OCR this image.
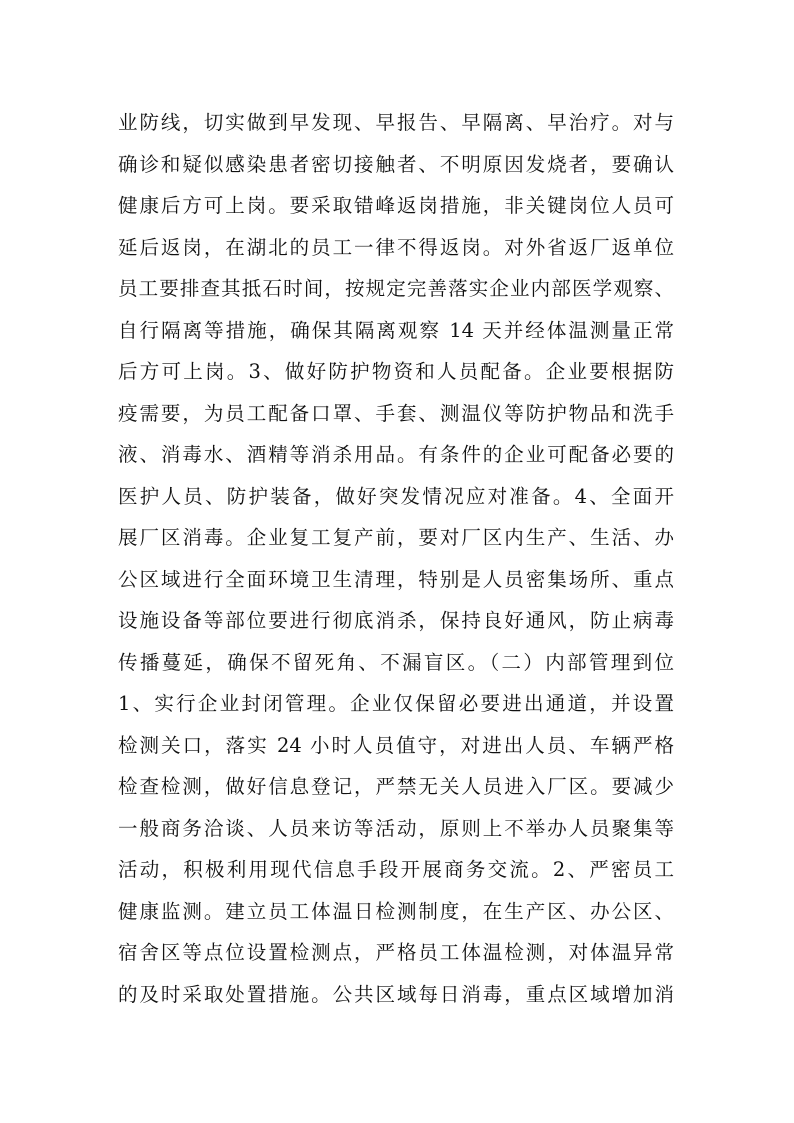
业防线，切实做到早发现、早报告、早隔离、早治疗。对与
确诊和疑似感染患者密切接触者、不明原因发烧者，要确认
健康后方可上岗。要采取错峰返岗措施，非关键岗位人员可
延后返岗，在湖北的员工一律不得返岗。对外省返厂返单位
员工要排查其抵石时间，按规定完善落实企业内部医学观察、
自行隔离等措施，确保其隔离观察 14 天并经体温测量正常
后方可上岗。3、做好防护物资和人员配备。企业要根据防
疫需要，为员工配备口罩、手套、测温仪等防护物品和洗手
液、消毒水、酒精等消杀用品。有条件的企业可配备必要的
医护人员、防护装备，做好突发情况应对准备。4、全面开
展厂区消毒。企业复工复产前，要对厂区内生产、生活、办
公区域进行全面环境卫生清理，特别是人员密集场所、重点
设施设备等部位要进行彻底消杀，保持良好通风，防止病毒
传播蔓延，确保不留死角、不漏盲区。（二）内部管理到位
1、实行企业封闭管理。企业仅保留必要进出通道，并设置
检测关口，落实 24 小时人员值守，对进出人员、车辆严格
检查检测，做好信息登记，严禁无关人员进入厂区。要减少
一般商务洽谈、人员来访等活动，原则上不举办人员聚集等
活动，积极利用现代信息手段开展商务交流。2、严密员工
健康监测。建立员工体温日检测制度，在生产区、办公区、
宿舍区等点位设置检测点，严格员工体温检测，对体温异常
的及时采取处置措施。公共区域每日消毒，重点区域增加消
